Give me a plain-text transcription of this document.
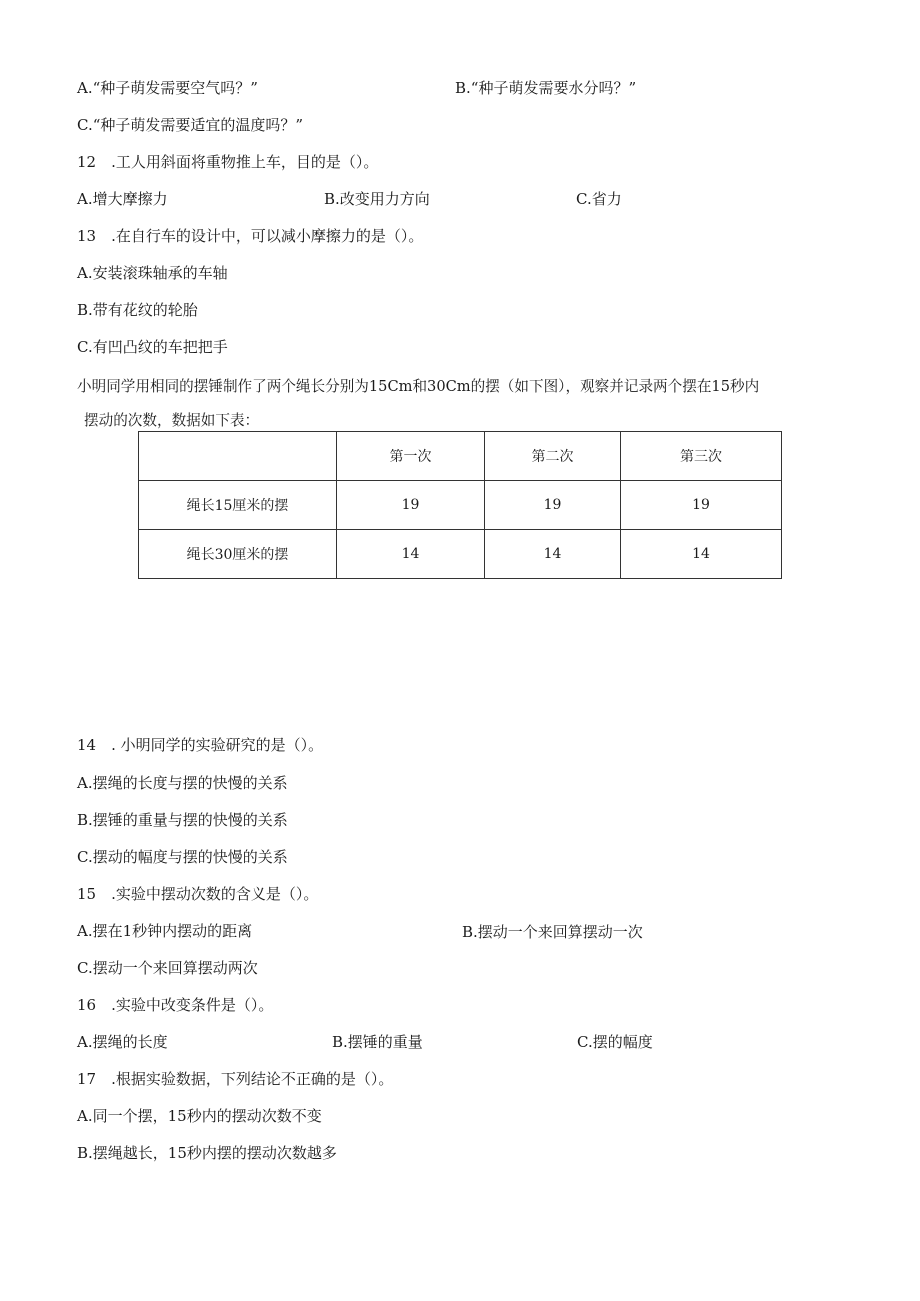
A.“种子萌发需要空气吗？”	B.“种子萌发需要水分吗？”
C.“种子萌发需要适宜的温度吗？”
12　.工人用斜面将重物推上车，目的是（）。
A.增大摩擦力	B.改变用力方向	C.省力
13　.在自行车的设计中，可以减小摩擦力的是（）。
A.安装滚珠轴承的车轴
B.带有花纹的轮胎
C.有凹凸纹的车把把手
小明同学用相同的摆锤制作了两个绳长分别为15Cm和30Cm的摆（如下图），观察并记录两个摆在15秒内
摆动的次数，数据如下表：
	第一次	第二次	第三次
绳长15厘米的摆	19	19	19
绳长30厘米的摆	14	14	14
14　. 小明同学的实验研究的是（）。
A.摆绳的长度与摆的快慢的关系
B.摆锤的重量与摆的快慢的关系
C.摆动的幅度与摆的快慢的关系
15　.实验中摆动次数的含义是（）。
A.摆在1秒钟内摆动的距离	B.摆动一个来回算摆动一次
C.摆动一个来回算摆动两次
16　.实验中改变条件是（）。
A.摆绳的长度	B.摆锤的重量	C.摆的幅度
17　.根据实验数据，下列结论不正确的是（）。
A.同一个摆，15秒内的摆动次数不变
B.摆绳越长，15秒内摆的摆动次数越多
